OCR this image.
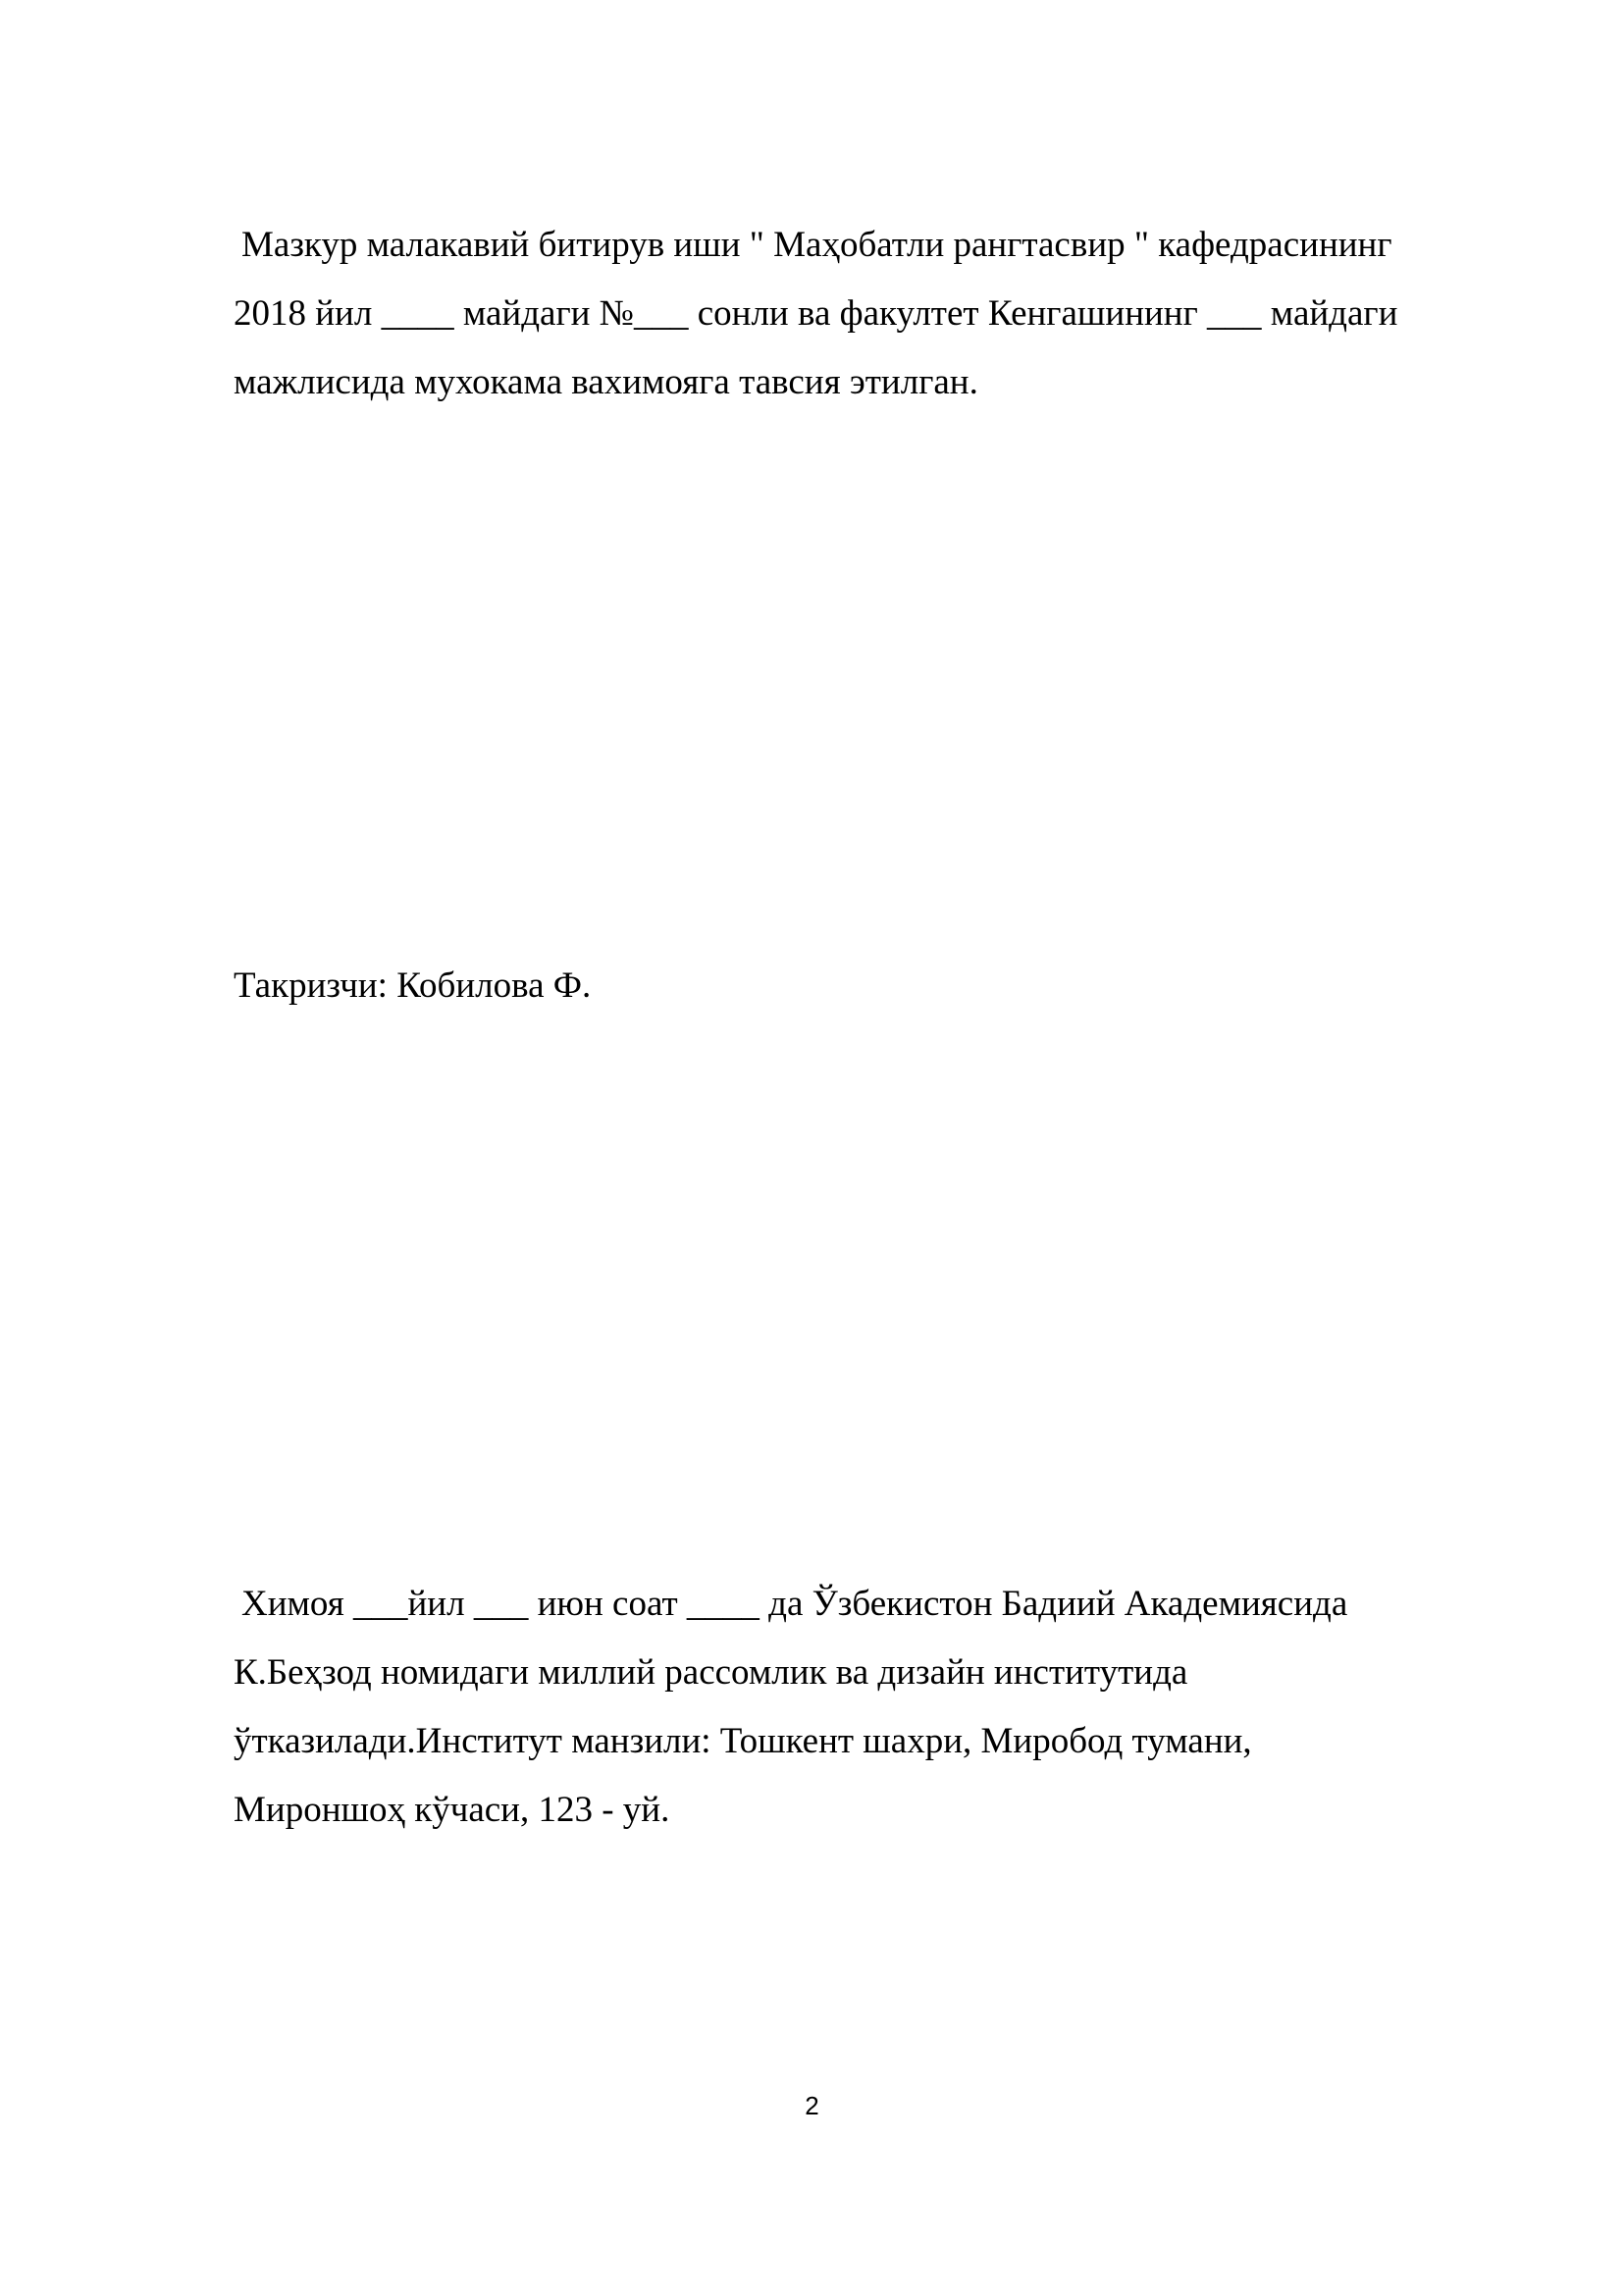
Мазкур малакавий битирув иши " Маҳобатли рангтасвир " кафедрасининг
2018 йил ____ майдаги №___ сонли ва факултет Кенгашининг ___ майдаги
мажлисида мухокама вахимояга тавсия этилган.
Такризчи: Кобилова Ф.
Химоя ___йил ___ июн соат ____ да Ўзбекистон Бадиий Академиясида
К.Беҳзод номидаги миллий рассомлик ва дизайн институтида
ўтказилади.Институт манзили: Тошкент шахри, Миробод тумани,
Мироншоҳ кўчаси, 123 - уй.
2
